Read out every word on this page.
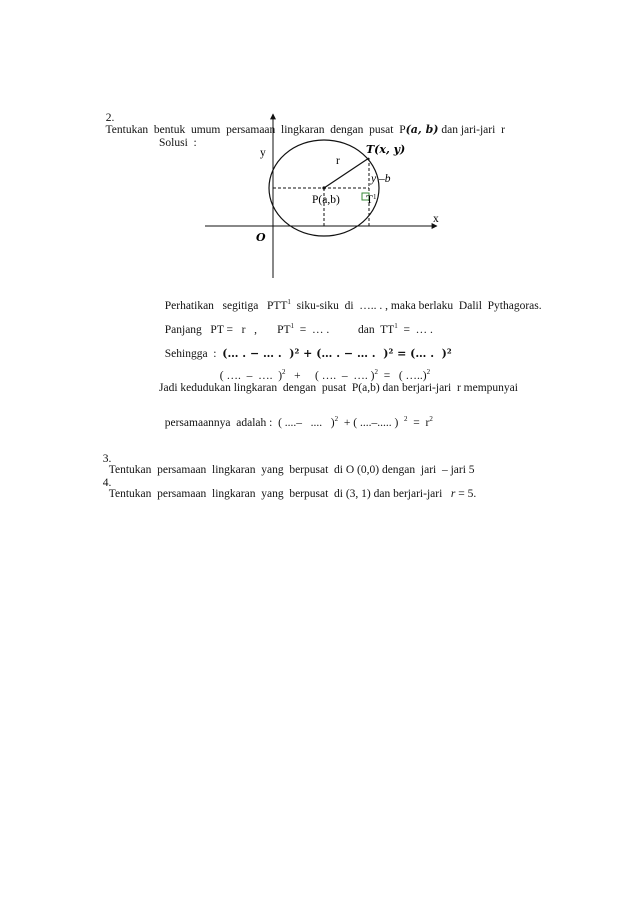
2.
Tentukan  bentuk  umum  persamaan  lingkaran  dengan  pusat  P(a, b) dan jari-jari  r

Solusi  :
y
x
O
r
T(x, y)
y –b
P(a,b) $T^1$

Perhatikan   segitiga   PTT$^1$  siku-siku  di  ….. . , maka berlaku  Dalil  Pythagoras.

Panjang   PT =   r   ,       $PT^1$  =  … .          dan  $TT^1$  =  … .

Sehingga  :  (… . − … .  )² + (… . − … .  )² = (… .  )²

( ….  –  ….  )$^2$   +     ( ….  –  …. )$^2$  =   ( …..)$^2$

Jadi kedudukan lingkaran  dengan  pusat  P(a,b) dan berjari-jari  r mempunyai

persamaannya  adalah :  ( ....–   ....   )$^2$  + ( ....–..... )  $^2 = r^2$

3.
Tentukan  persamaan  lingkaran  yang  berpusat  di O (0,0) dengan  jari  – jari 5

4.
Tentukan  persamaan  lingkaran  yang  berpusat  di (3, 1) dan berjari-jari   r = 5.
